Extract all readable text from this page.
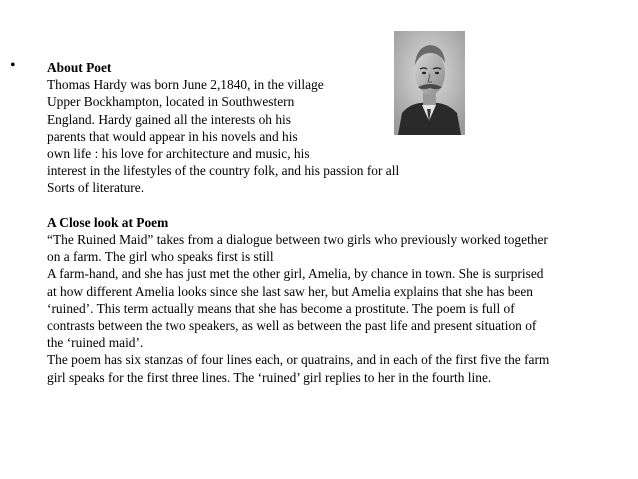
• About Poet
Thomas Hardy was born June 2,1840, in the village
Upper Bockhampton, located in Southwestern
England. Hardy gained all the interests oh his
parents that would appear in his novels and his
own life : his love for architecture and music, his
interest in the lifestyles of the country folk, and his passion for all
Sorts of literature.
A Close look at Poem
“The Ruined Maid” takes from a dialogue between two girls who previously worked together
on a farm. The girl who speaks first is still
A farm-hand, and she has just met the other girl, Amelia, by chance in town. She is surprised
at how different Amelia looks since she last saw her, but Amelia explains that she has been
‘ruined’. This term actually means that she has become a prostitute. The poem is full of
contrasts between the two speakers, as well as between the past life and present situation of
the ‘ruined maid’.
The poem has six stanzas of four lines each, or quatrains, and in each of the first five the farm
girl speaks for the first three lines. The ‘ruined’ girl replies to her in the fourth line.
